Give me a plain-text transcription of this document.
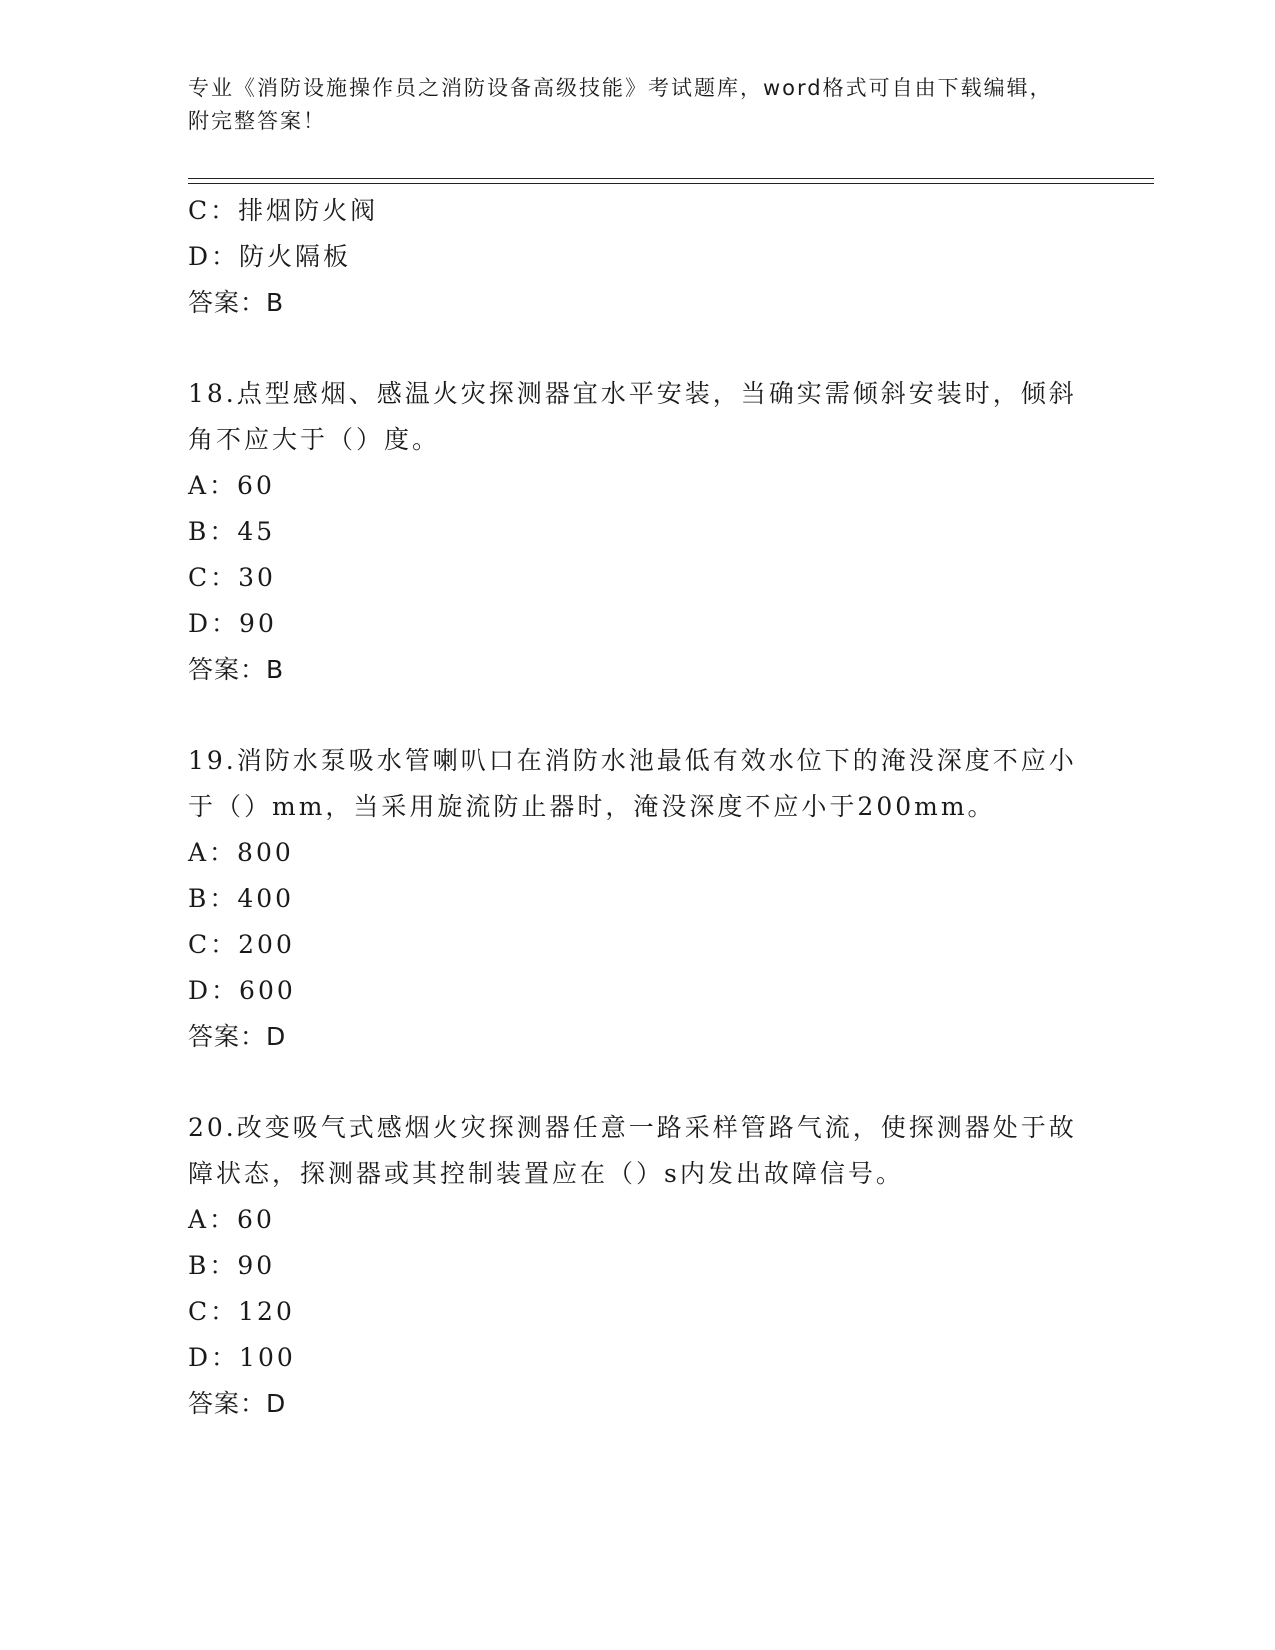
专业《消防设施操作员之消防设备高级技能》考试题库，word格式可自由下载编辑，附完整答案！
C：排烟防火阀
D：防火隔板
答案：B
18.点型感烟、感温火灾探测器宜水平安装，当确实需倾斜安装时，倾斜角不应大于（）度。
A：60
B：45
C：30
D：90
答案：B
19.消防水泵吸水管喇叭口在消防水池最低有效水位下的淹没深度不应小于（）mm，当采用旋流防止器时，淹没深度不应小于200mm。
A：800
B：400
C：200
D：600
答案：D
20.改变吸气式感烟火灾探测器任意一路采样管路气流，使探测器处于故障状态，探测器或其控制装置应在（）s内发出故障信号。
A：60
B：90
C：120
D：100
答案：D
